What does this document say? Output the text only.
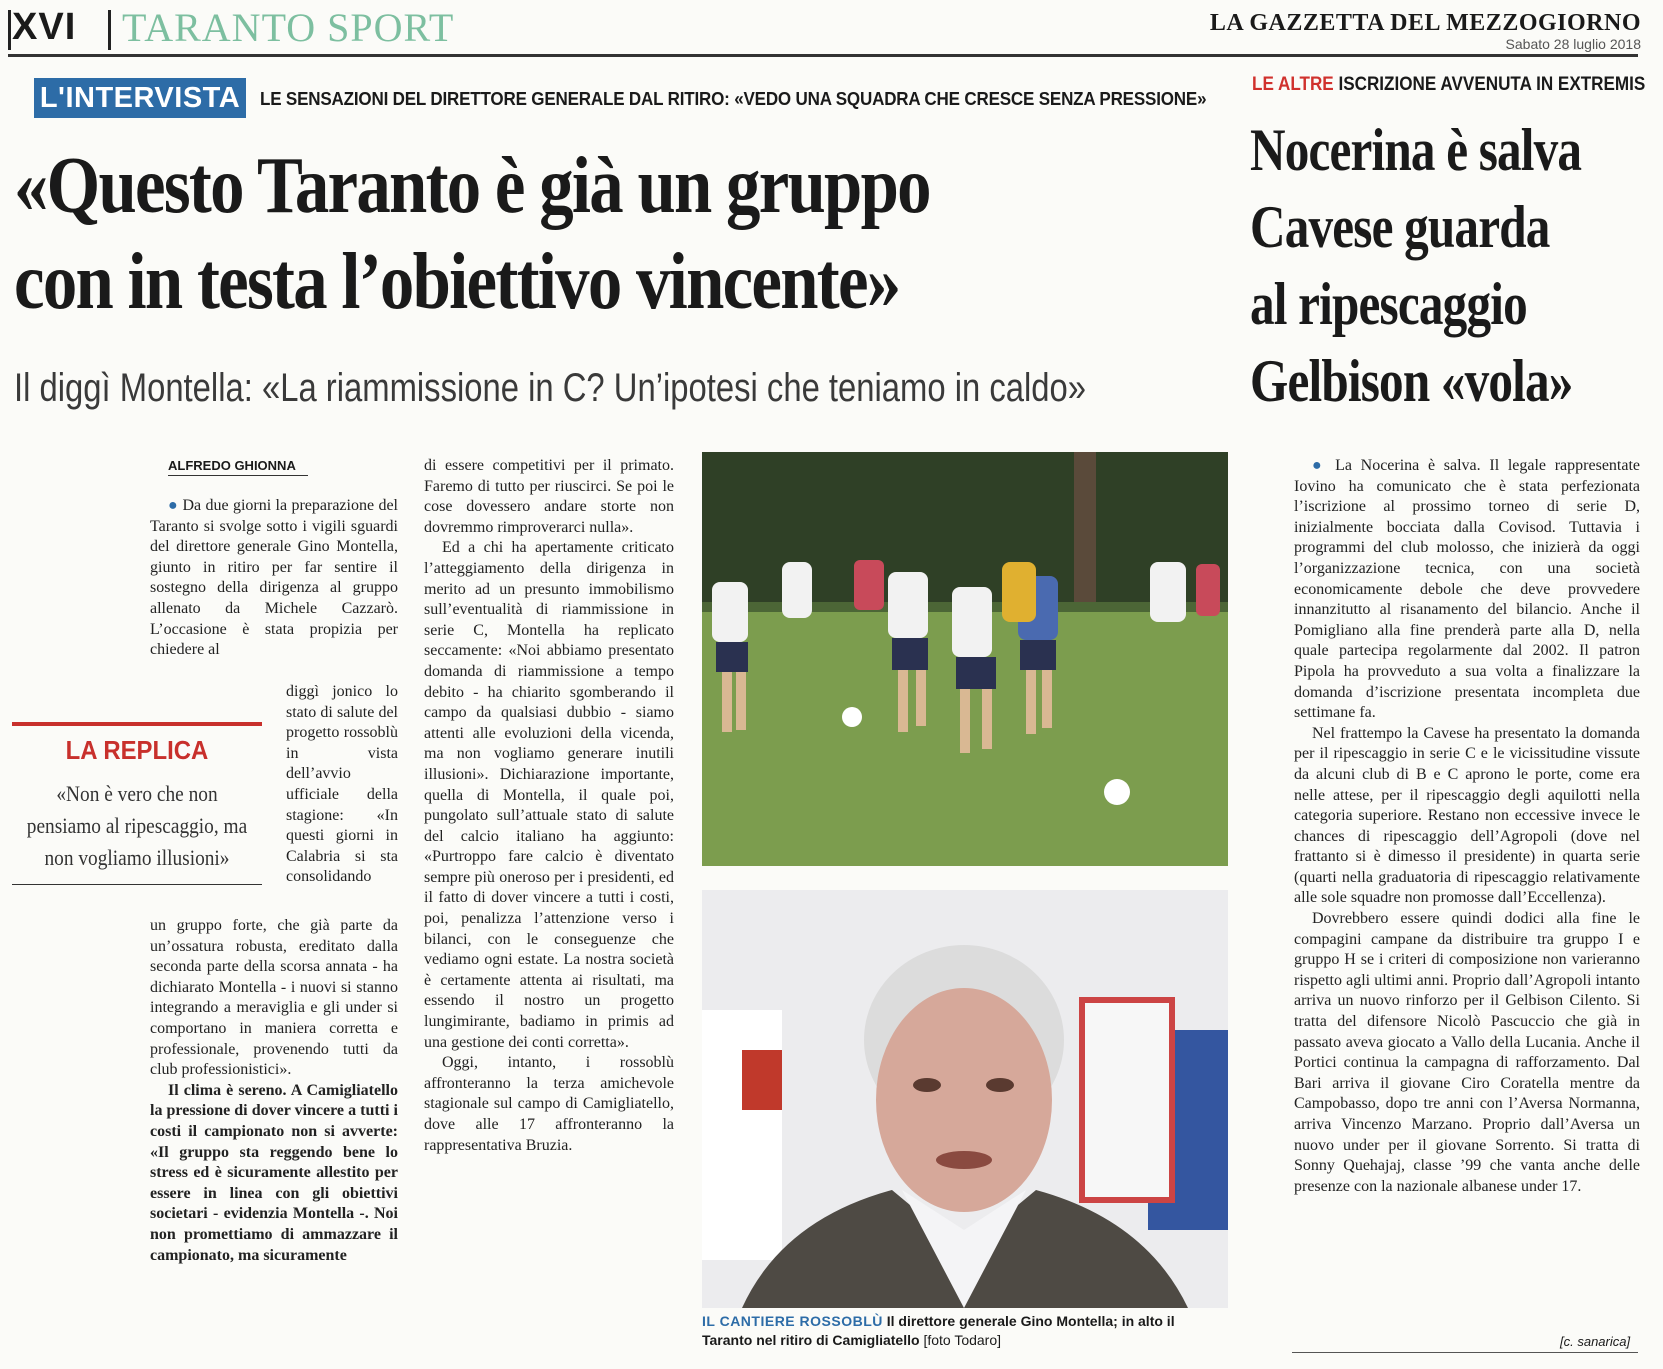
XVI TARANTO SPORT	LA GAZZETTA DEL MEZZOGIORNO
Sabato 28 luglio 2018
L'INTERVISTA	LE SENSAZIONI DEL DIRETTORE GENERALE DAL RITIRO: «VEDO UNA SQUADRA CHE CRESCE SENZA PRESSIONE»
«Questo Taranto è già un gruppo
con in testa l’obiettivo vincente»
Il diggì Montella: «La riammissione in C? Un’ipotesi che teniamo in caldo»
LE ALTRE ISCRIZIONE AVVENUTA IN EXTREMIS
Nocerina è salva
Cavese guarda
al ripescaggio
Gelbison «vola»
ALFREDO GHIONNA

● Da due giorni la preparazione del Taranto si svolge sotto i vigili sguardi del direttore generale Gino Montella, giunto in ritiro per far sentire il sostegno della dirigenza al gruppo allenato da Michele Cazzarò. L’occasione è stata propizia per chiedere al

diggì jonico lo stato di salute del progetto rossoblù in vista dell’avvio ufficiale della stagione: «In questi giorni in Calabria si sta consolidando

un gruppo forte, che già parte da un’ossatura robusta, ereditato dalla seconda parte della scorsa annata - ha dichiarato Montella - i nuovi si stanno integrando a meraviglia e gli under si comportano in maniera corretta e professionale, provenendo tutti da club professionistici».

Il clima è sereno. A Camigliatello la pressione di dover vincere a tutti i costi il campionato non si avverte: «Il gruppo sta reggendo bene lo stress ed è sicuramente allestito per essere in linea con gli obiettivi societari - evidenzia Montella -. Noi non promettiamo di ammazzare il campionato, ma sicuramente

di essere competitivi per il primato. Faremo di tutto per riuscirci. Se poi le cose dovessero andare storte non dovremmo rimproverarci nulla».

Ed a chi ha apertamente criticato l’atteggiamento della dirigenza in merito ad un presunto immobilismo sull’eventualità di riammissione in serie C, Montella ha replicato seccamente: «Noi abbiamo presentato domanda di riammissione a tempo debito - ha chiarito sgomberando il campo da qualsiasi dubbio - siamo attenti alle evoluzioni della vicenda, ma non vogliamo generare inutili illusioni». Dichiarazione importante, quella di Montella, il quale poi, pungolato sull’attuale stato di salute del calcio italiano ha aggiunto: «Purtroppo fare calcio è diventato sempre più oneroso per i presidenti, ed il fatto di dover vincere a tutti i costi, poi, penalizza l’attenzione verso i bilanci, con le conseguenze che vediamo ogni estate. La nostra società è certamente attenta ai risultati, ma essendo il nostro un progetto lungimirante, badiamo in primis ad una gestione dei conti corretta».

Oggi, intanto, i rossoblù affronteranno la terza amichevole stagionale sul campo di Camigliatello, dove alle 17 affronteranno la rappresentativa Bruzia.

LA REPLICA
«Non è vero che non pensiamo al ripescaggio, ma non vogliamo illusioni»
IL CANTIERE ROSSOBLÙ Il direttore generale Gino Montella; in alto il Taranto nel ritiro di Camigliatello [foto Todaro]

● La Nocerina è salva. Il legale rappresentate Iovino ha comunicato che è stata perfezionata l’iscrizione al prossimo torneo di serie D, inizialmente bocciata dalla Covisod. Tuttavia i programmi del club molosso, che inizierà da oggi l’organizzazione tecnica, con una società economicamente debole che deve provvedere innanzitutto al risanamento del bilancio. Anche il Pomigliano alla fine prenderà parte alla D, nella quale partecipa regolarmente dal 2002. Il patron Pipola ha provveduto a sua volta a finalizzare la domanda d’iscrizione presentata incompleta due settimane fa.

Nel frattempo la Cavese ha presentato la domanda per il ripescaggio in serie C e le vicissitudine vissute da alcuni club di B e C aprono le porte, come era nelle attese, per il ripescaggio degli aquilotti nella categoria superiore. Restano non eccessive invece le chances di ripescaggio dell’Agropoli (dove nel frattanto si è dimesso il presidente) in quarta serie (quarti nella graduatoria di ripescaggio relativamente alle sole squadre non promosse dall’Eccellenza).

Dovrebbero essere quindi dodici alla fine le compagini campane da distribuire tra gruppo I e gruppo H se i criteri di composizione non varieranno rispetto agli ultimi anni. Proprio dall’Agropoli intanto arriva un nuovo rinforzo per il Gelbison Cilento. Si tratta del difensore Nicolò Pascuccio che già in passato aveva giocato a Vallo della Lucania. Anche il Portici continua la campagna di rafforzamento. Dal Bari arriva il giovane Ciro Coratella mentre da Campobasso, dopo tre anni con l’Aversa Normanna, arriva Vincenzo Marzano. Proprio dall’Aversa un nuovo under per il giovane Sorrento. Si tratta di Sonny Quehajaj, classe ’99 che vanta anche delle presenze con la nazionale albanese under 17.

[c. sanarica]
